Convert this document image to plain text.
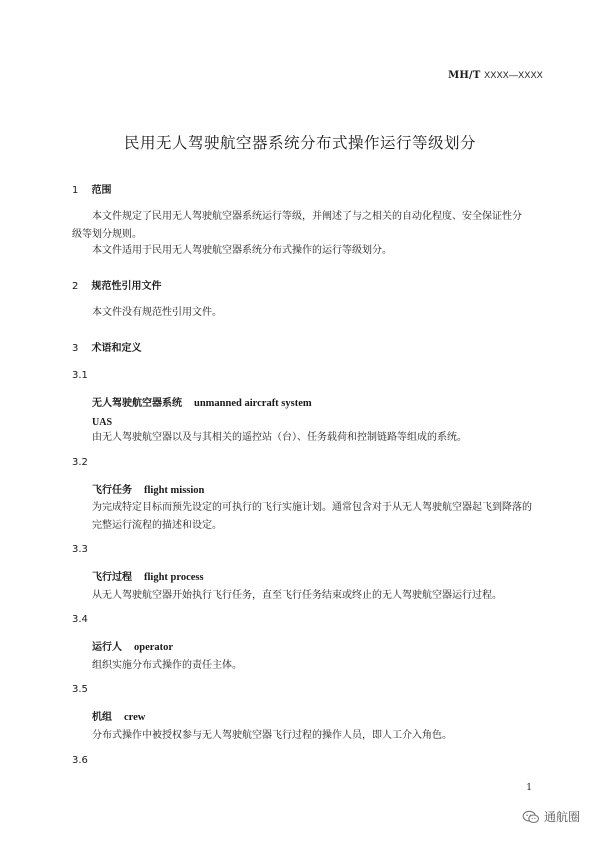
MH/T XXXX—XXXX
民用无人驾驶航空器系统分布式操作运行等级划分
1 范围
本文件规定了民用无人驾驶航空器系统运行等级，并阐述了与之相关的自动化程度、安全保证性分级等划分规则。
本文件适用于民用无人驾驶航空器系统分布式操作的运行等级划分。
2 规范性引用文件
本文件没有规范性引用文件。
3 术语和定义
3.1
无人驾驶航空器系统 unmanned aircraft system
UAS
由无人驾驶航空器以及与其相关的遥控站（台）、任务载荷和控制链路等组成的系统。
3.2
飞行任务 flight mission
为完成特定目标而预先设定的可执行的飞行实施计划。通常包含对于从无人驾驶航空器起飞到降落的完整运行流程的描述和设定。
3.3
飞行过程 flight process
从无人驾驶航空器开始执行飞行任务，直至飞行任务结束或终止的无人驾驶航空器运行过程。
3.4
运行人 operator
组织实施分布式操作的责任主体。
3.5
机组 crew
分布式操作中被授权参与无人驾驶航空器飞行过程的操作人员，即人工介入角色。
3.6
1
通航圈
